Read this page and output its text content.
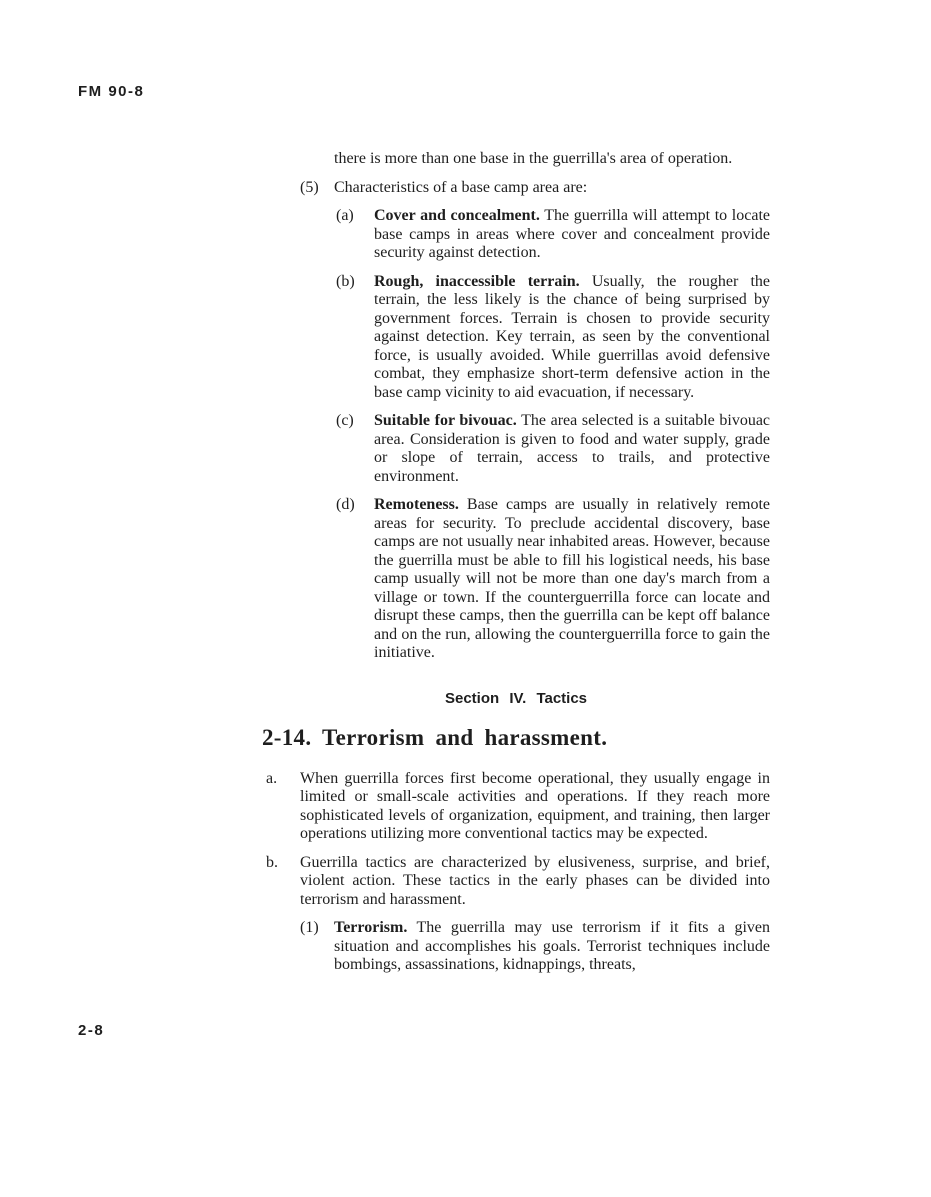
FM 90-8

there is more than one base in the guerrilla's area of operation.

(5) Characteristics of a base camp area are:
(a) Cover and concealment. The guerrilla will attempt to locate base camps in areas where cover and concealment provide security against detection.
(b) Rough, inaccessible terrain. Usually, the rougher the terrain, the less likely is the chance of being surprised by government forces. Terrain is chosen to provide security against detection. Key terrain, as seen by the conventional force, is usually avoided. While guerrillas avoid defensive combat, they emphasize short-term defensive action in the base camp vicinity to aid evacuation, if necessary.
(c) Suitable for bivouac. The area selected is a suitable bivouac area. Consideration is given to food and water supply, grade or slope of terrain, access to trails, and protective environment.
(d) Remoteness. Base camps are usually in relatively remote areas for security. To preclude accidental discovery, base camps are not usually near inhabited areas. However, because the guerrilla must be able to fill his logistical needs, his base camp usually will not be more than one day's march from a village or town. If the counterguerrilla force can locate and disrupt these camps, then the guerrilla can be kept off balance and on the run, allowing the counterguerrilla force to gain the initiative.
Section IV. Tactics
2-14. Terrorism and harassment.
a. When guerrilla forces first become operational, they usually engage in limited or small-scale activities and operations. If they reach more sophisticated levels of organization, equipment, and training, then larger operations utilizing more conventional tactics may be expected.
b. Guerrilla tactics are characterized by elusiveness, surprise, and brief, violent action. These tactics in the early phases can be divided into terrorism and harassment.
(1) Terrorism. The guerrilla may use terrorism if it fits a given situation and accomplishes his goals. Terrorist techniques include bombings, assassinations, kidnappings, threats,
2-8
